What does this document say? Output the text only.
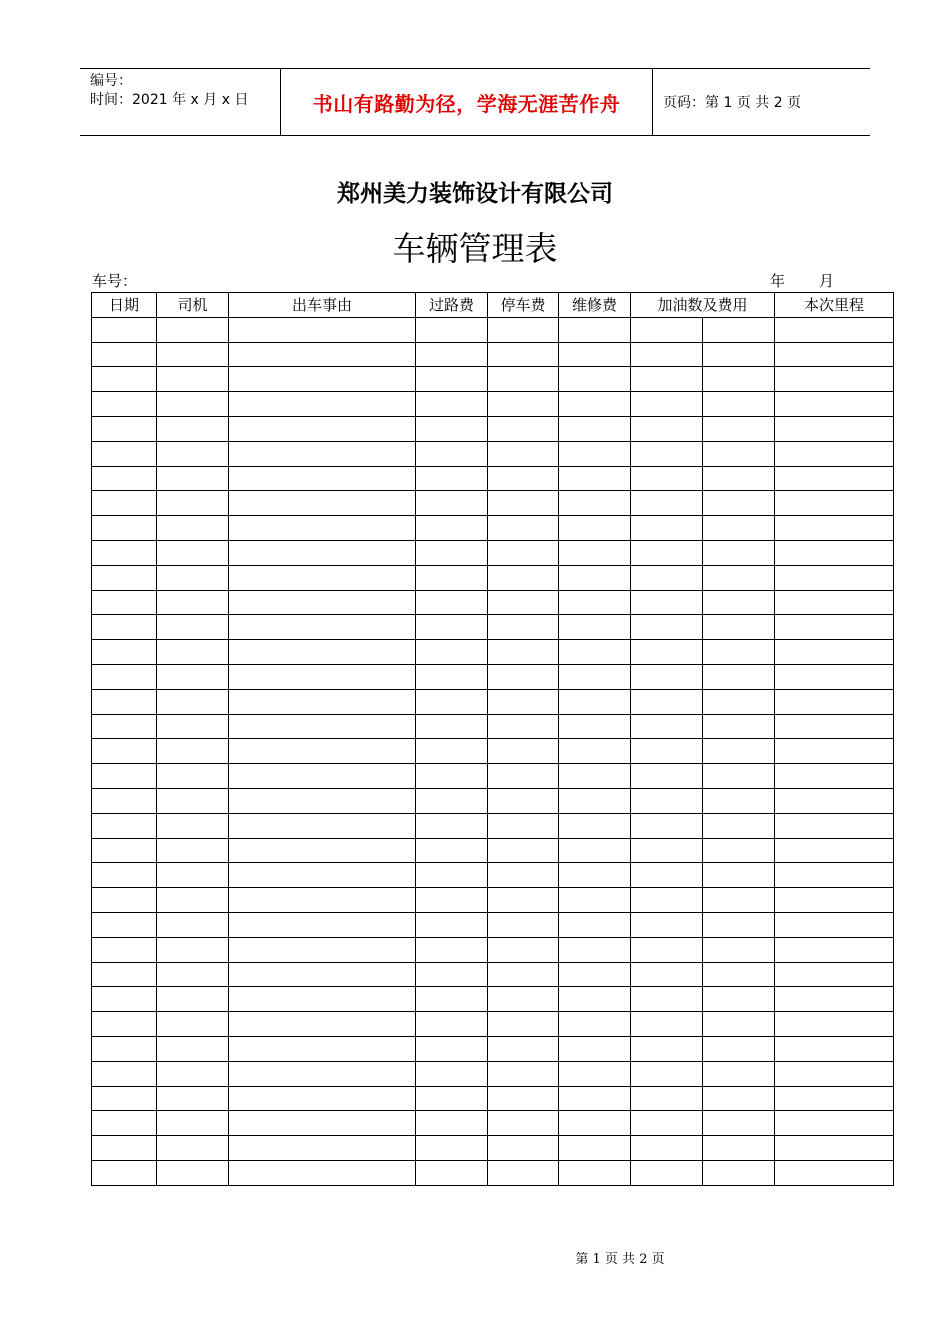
编号：
时间：2021 年 x 月 x 日	书山有路勤为径，学海无涯苦作舟	页码：第 1 页 共 2 页
郑州美力装饰设计有限公司
车辆管理表
车号：	年 月
日期	司机	出车事由	过路费	停车费	维修费	加油数及费用		本次里程

第 1 页 共 2 页
